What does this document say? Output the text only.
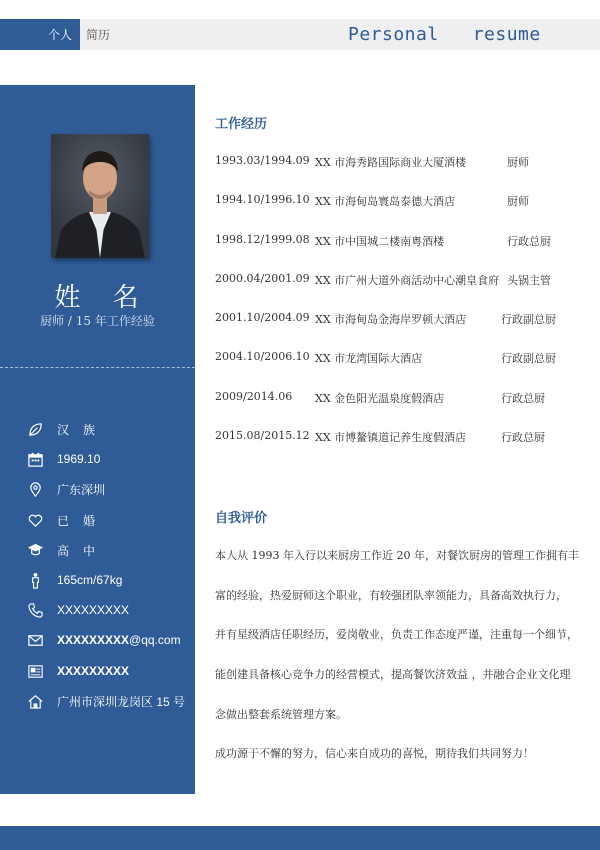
个人	简历	Personal   resume
姓 名
厨师 / 15 年工作经验
汉族
1969.10
广东深圳
已婚
高中
165cm/67kg
XXXXXXXXX
XXXXXXXXX@qq.com
XXXXXXXXX
广州市深圳龙岗区 15 号
工作经历
1993.03/1994.09 XX 市海秀路国际商业大厦酒楼	厨师
1994.10/1996.10 XX 市海甸岛寰岛泰德大酒店	厨师
1998.12/1999.08 XX 市中国城二楼南粤酒楼	行政总厨
2000.04/2001.09 XX 市广州大道外商活动中心潮皇食府 头锅主管
2001.10/2004.09 XX 市海甸岛金海岸罗顿大酒店	行政副总厨
2004.10/2006.10 XX 市龙湾国际大酒店	行政副总厨
2009/2014.06 XX 金色阳光温泉度假酒店	行政总厨
2015.08/2015.12 XX 市博鳌镇道记养生度假酒店	行政总厨
自我评价
本人从 1993 年入行以来厨房工作近 20 年，对餐饮厨房的管理工作拥有丰
富的经验，热爱厨师这个职业，有较强团队率领能力，具备高效执行力，
并有星级酒店任职经历，爱岗敬业，负责工作态度严谨，注重每一个细节，
能创建具备核心竞争力的经营模式，提高餐饮济效益 ，并融合企业文化理
念做出整套系统管理方案。
成功源于不懈的努力，信心来自成功的喜悦，期待我们共同努力！
